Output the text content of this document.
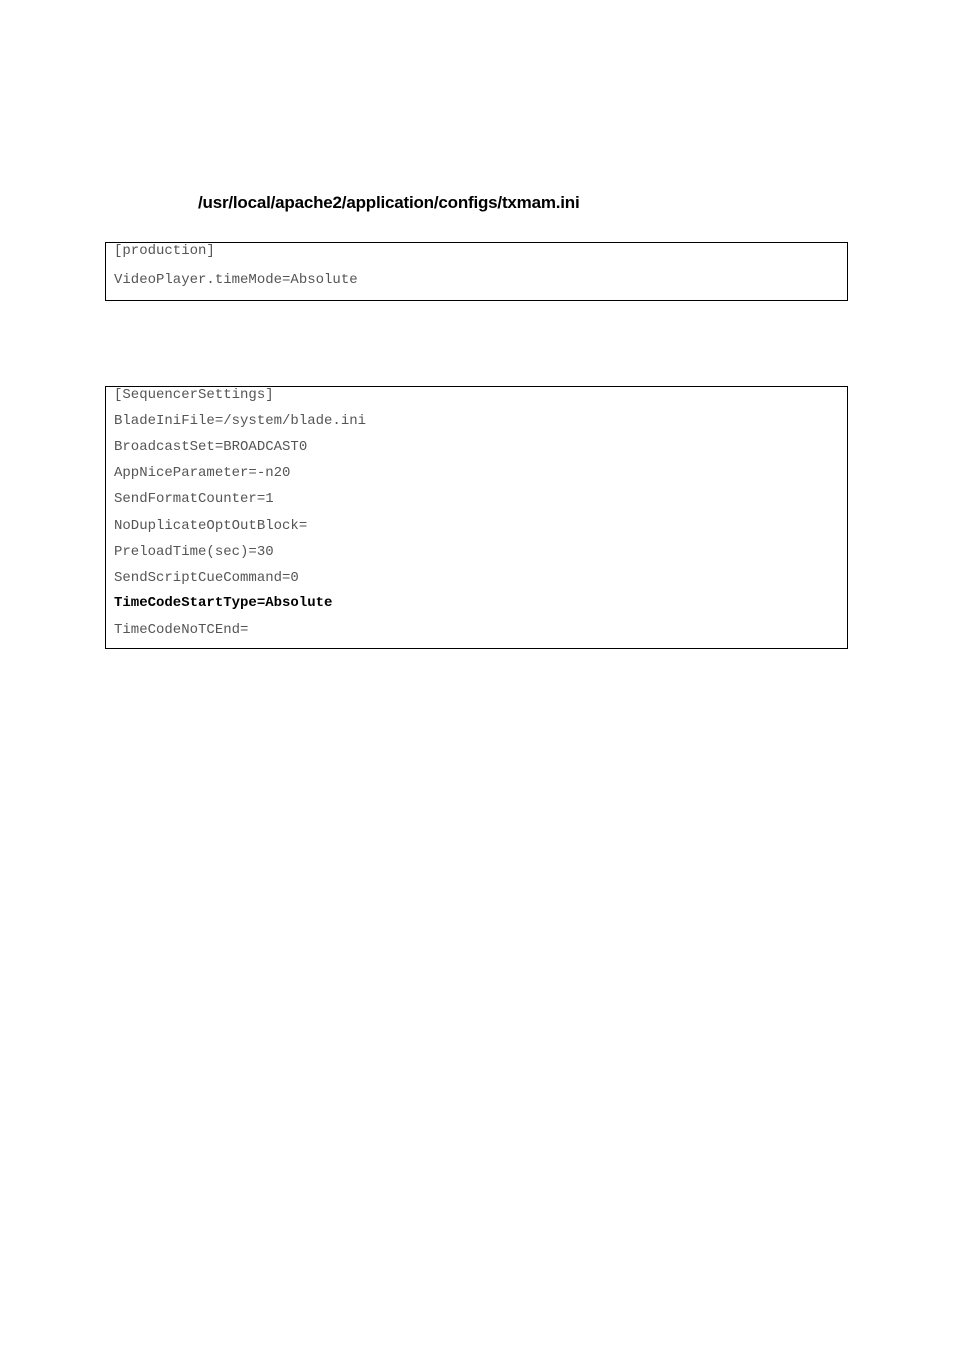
/usr/local/apache2/application/configs/txmam.ini
[production]
VideoPlayer.timeMode=Absolute
[SequencerSettings]
BladeIniFile=/system/blade.ini
BroadcastSet=BROADCAST0
AppNiceParameter=-n20
SendFormatCounter=1
NoDuplicateOptOutBlock=
PreloadTime(sec)=30
SendScriptCueCommand=0
TimeCodeStartType=Absolute
TimeCodeNoTCEnd=
